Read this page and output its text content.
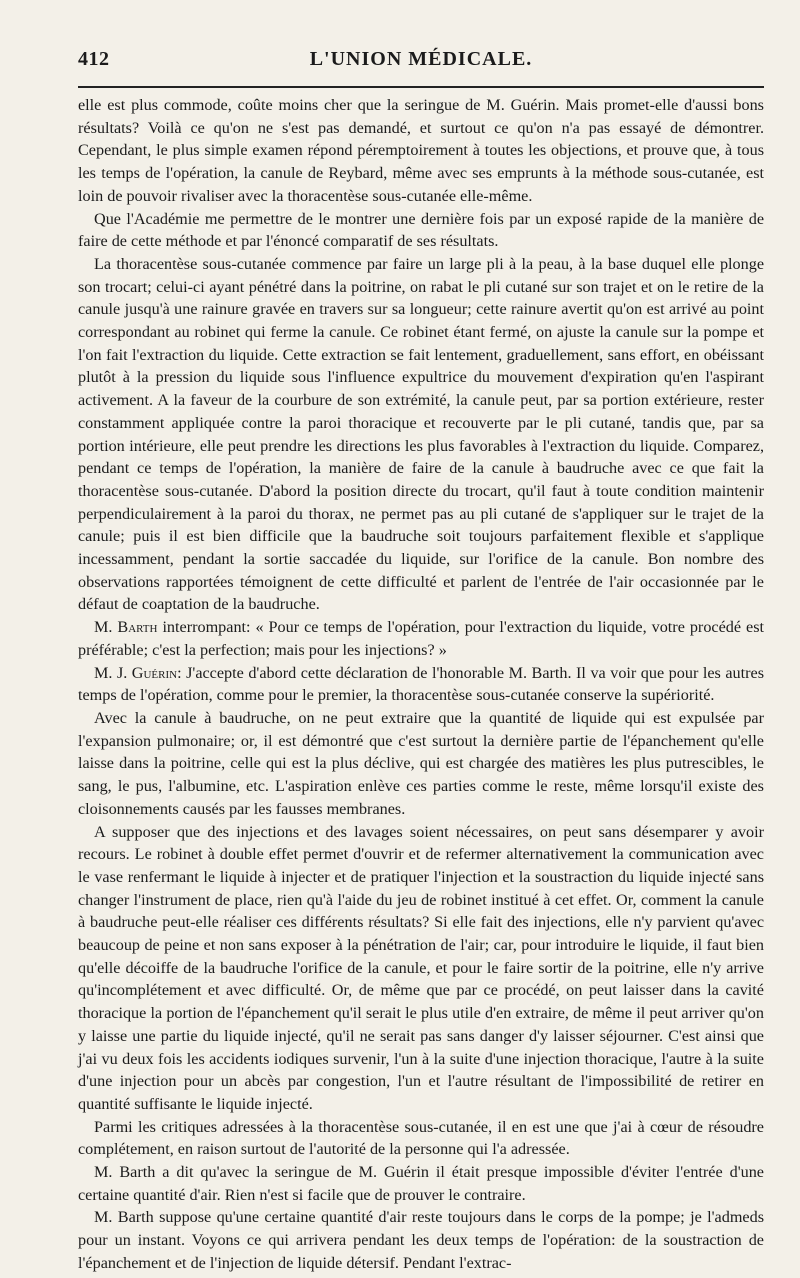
412	L'UNION MÉDICALE.

elle est plus commode, coûte moins cher que la seringue de M. Guérin. Mais promet-elle d'aussi bons résultats? Voilà ce qu'on ne s'est pas demandé, et surtout ce qu'on n'a pas essayé de démontrer. Cependant, le plus simple examen répond péremptoirement à toutes les objections, et prouve que, à tous les temps de l'opération, la canule de Reybard, même avec ses emprunts à la méthode sous-cutanée, est loin de pouvoir rivaliser avec la thoracentèse sous-cutanée elle-même.

Que l'Académie me permettre de le montrer une dernière fois par un exposé rapide de la manière de faire de cette méthode et par l'énoncé comparatif de ses résultats.

La thoracentèse sous-cutanée commence par faire un large pli à la peau, à la base duquel elle plonge son trocart; celui-ci ayant pénétré dans la poitrine, on rabat le pli cutané sur son trajet et on le retire de la canule jusqu'à une rainure gravée en travers sur sa longueur; cette rainure avertit qu'on est arrivé au point correspondant au robinet qui ferme la canule. Ce robinet étant fermé, on ajuste la canule sur la pompe et l'on fait l'extraction du liquide. Cette extraction se fait lentement, graduellement, sans effort, en obéissant plutôt à la pression du liquide sous l'influence expultrice du mouvement d'expiration qu'en l'aspirant activement. A la faveur de la courbure de son extrémité, la canule peut, par sa portion extérieure, rester constamment appliquée contre la paroi thoracique et recouverte par le pli cutané, tandis que, par sa portion intérieure, elle peut prendre les directions les plus favorables à l'extraction du liquide. Comparez, pendant ce temps de l'opération, la manière de faire de la canule à baudruche avec ce que fait la thoracentèse sous-cutanée. D'abord la position directe du trocart, qu'il faut à toute condition maintenir perpendiculairement à la paroi du thorax, ne permet pas au pli cutané de s'appliquer sur le trajet de la canule; puis il est bien difficile que la baudruche soit toujours parfaitement flexible et s'applique incessamment, pendant la sortie saccadée du liquide, sur l'orifice de la canule. Bon nombre des observations rapportées témoignent de cette difficulté et parlent de l'entrée de l'air occasionnée par le défaut de coaptation de la baudruche.

M. Barth interrompant: « Pour ce temps de l'opération, pour l'extraction du liquide, votre procédé est préférable; c'est la perfection; mais pour les injections? »

M. J. Guérin: J'accepte d'abord cette déclaration de l'honorable M. Barth. Il va voir que pour les autres temps de l'opération, comme pour le premier, la thoracentèse sous-cutanée conserve la supériorité.

Avec la canule à baudruche, on ne peut extraire que la quantité de liquide qui est expulsée par l'expansion pulmonaire; or, il est démontré que c'est surtout la dernière partie de l'épanchement qu'elle laisse dans la poitrine, celle qui est la plus déclive, qui est chargée des matières les plus putrescibles, le sang, le pus, l'albumine, etc. L'aspiration enlève ces parties comme le reste, même lorsqu'il existe des cloisonnements causés par les fausses membranes.

A supposer que des injections et des lavages soient nécessaires, on peut sans désemparer y avoir recours. Le robinet à double effet permet d'ouvrir et de refermer alternativement la communication avec le vase renfermant le liquide à injecter et de pratiquer l'injection et la soustraction du liquide injecté sans changer l'instrument de place, rien qu'à l'aide du jeu de robinet institué à cet effet. Or, comment la canule à baudruche peut-elle réaliser ces différents résultats? Si elle fait des injections, elle n'y parvient qu'avec beaucoup de peine et non sans exposer à la pénétration de l'air; car, pour introduire le liquide, il faut bien qu'elle décoiffe de la baudruche l'orifice de la canule, et pour le faire sortir de la poitrine, elle n'y arrive qu'incomplétement et avec difficulté. Or, de même que par ce procédé, on peut laisser dans la cavité thoracique la portion de l'épanchement qu'il serait le plus utile d'en extraire, de même il peut arriver qu'on y laisse une partie du liquide injecté, qu'il ne serait pas sans danger d'y laisser séjourner. C'est ainsi que j'ai vu deux fois les accidents iodiques survenir, l'un à la suite d'une injection thoracique, l'autre à la suite d'une injection pour un abcès par congestion, l'un et l'autre résultant de l'impossibilité de retirer en quantité suffisante le liquide injecté.

Parmi les critiques adressées à la thoracentèse sous-cutanée, il en est une que j'ai à cœur de résoudre complétement, en raison surtout de l'autorité de la personne qui l'a adressée.

M. Barth a dit qu'avec la seringue de M. Guérin il était presque impossible d'éviter l'entrée d'une certaine quantité d'air. Rien n'est si facile que de prouver le contraire.

M. Barth suppose qu'une certaine quantité d'air reste toujours dans le corps de la pompe; je l'admeds pour un instant. Voyons ce qui arrivera pendant les deux temps de l'opération: de la soustraction de l'épanchement et de l'injection de liquide détersif. Pendant l'extrac-
